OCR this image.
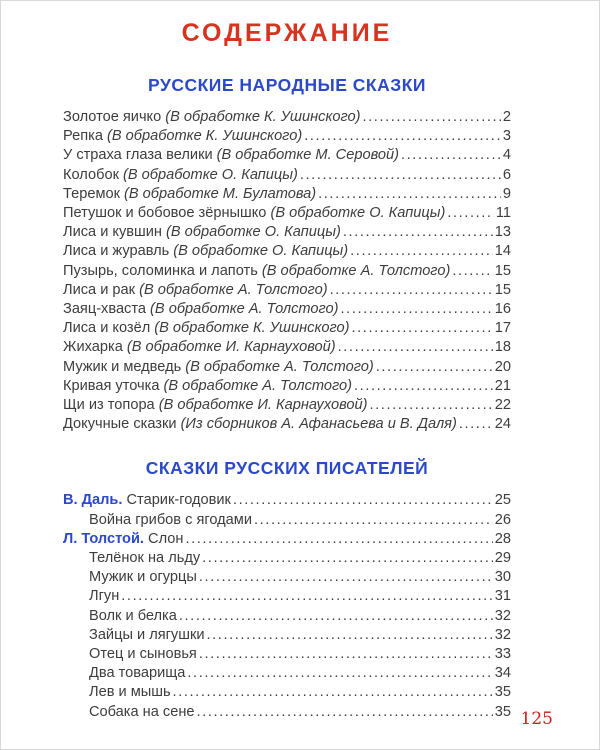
СОДЕРЖАНИЕ
РУССКИЕ НАРОДНЫЕ СКАЗКИ
Золотое яичко (В обработке К. Ушинского) .....	2
Репка (В обработке К. Ушинского) .....	3
У страха глаза велики (В обработке М. Серовой) .....	4
Колобок (В обработке О. Капицы) .....	6
Теремок (В обработке М. Булатова) .....	9
Петушок и бобовое зёрнышко (В обработке О. Капицы) .....	11
Лиса и кувшин (В обработке О. Капицы) .....	13
Лиса и журавль (В обработке О. Капицы) .....	14
Пузырь, соломинка и лапоть (В обработке А. Толстого) .....	15
Лиса и рак (В обработке А. Толстого) .....	15
Заяц-хваста (В обработке А. Толстого) .....	16
Лиса и козёл (В обработке К. Ушинского) .....	17
Жихарка (В обработке И. Карнауховой) .....	18
Мужик и медведь (В обработке А. Толстого) .....	20
Кривая уточка (В обработке А. Толстого) .....	21
Щи из топора (В обработке И. Карнауховой) .....	22
Докучные сказки (Из сборников А. Афанасьева и В. Даля) .....	24
СКАЗКИ РУССКИХ ПИСАТЕЛЕЙ
В. Даль. Старик-годовик .....	25
Война грибов с ягодами .....	26
Л. Толстой. Слон .....	28
Телёнок на льду .....	29
Мужик и огурцы .....	30
Лгун .....	31
Волк и белка .....	32
Зайцы и лягушки .....	32
Отец и сыновья .....	33
Два товарища .....	34
Лев и мышь .....	35
Собака на сене .....	35 125
